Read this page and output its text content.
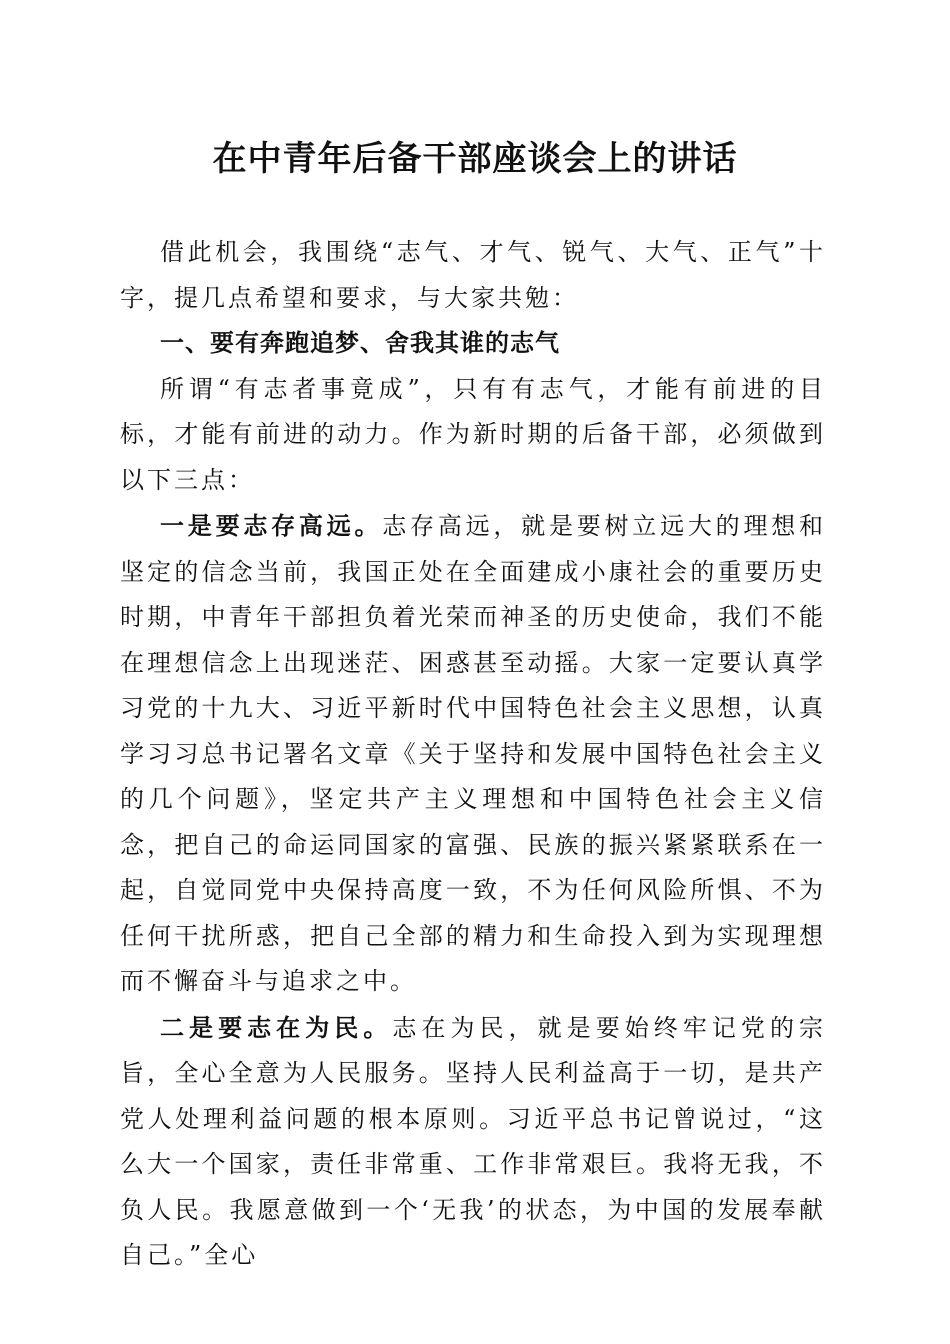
在中青年后备干部座谈会上的讲话

借此机会，我围绕“志气、才气、锐气、大气、正气”十字，提几点希望和要求，与大家共勉：

一、要有奔跑追梦、舍我其谁的志气

所谓“有志者事竟成”，只有有志气，才能有前进的目标，才能有前进的动力。作为新时期的后备干部，必须做到以下三点：

一是要志存高远。志存高远，就是要树立远大的理想和坚定的信念当前，我国正处在全面建成小康社会的重要历史时期，中青年干部担负着光荣而神圣的历史使命，我们不能在理想信念上出现迷茫、困惑甚至动摇。大家一定要认真学习党的十九大、习近平新时代中国特色社会主义思想，认真学习习总书记署名文章《关于坚持和发展中国特色社会主义的几个问题》，坚定共产主义理想和中国特色社会主义信念，把自己的命运同国家的富强、民族的振兴紧紧联系在一起，自觉同党中央保持高度一致，不为任何风险所惧、不为任何干扰所惑，把自己全部的精力和生命投入到为实现理想而不懈奋斗与追求之中。

二是要志在为民。志在为民，就是要始终牢记党的宗旨，全心全意为人民服务。坚持人民利益高于一切，是共产党人处理利益问题的根本原则。习近平总书记曾说过，“这么大一个国家，责任非常重、工作非常艰巨。我将无我，不负人民。我愿意做到一个‘无我’的状态，为中国的发展奉献自己。”全心
